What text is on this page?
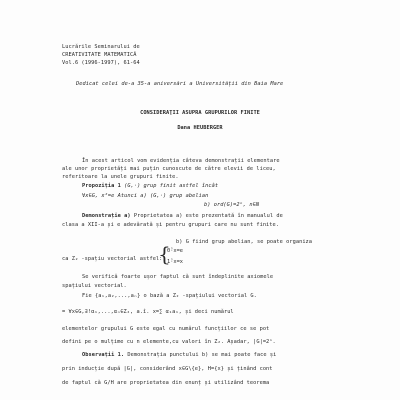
Lucrările Seminarului de
CREATIVITATE MATEMATICĂ
Vol.6 (1996-1997), 61-64
Dedicat celei de-a 35-a aniversări a Universității din Baia Mare
CONSIDERAŢII ASUPRA GRUPURILOR FINITE
Dana HEUBERGER
În acest articol vom evidenția câteva demonstrații elementare
ale unor proprietăți mai puțin cunoscute de către elevii de liceu,
referitoare la unele grupuri finite.
Propoziția 1 (G,·) grup finit astfel încât
∀x∈G, x²=e Atunci a) (G,·) grup abelian
b) ord(G)=2ⁿ, n∈N
Demonstrație a) Proprietatea a) este prezentată în manualul de
clasa a XII-a și e adevărată și pentru grupuri care nu sunt finite.
b) G fiind grup abelian, se poate organiza
ca Z₂ -spațiu vectorial astfel:
{
0̂·x=e
1̂·x=x
Se verifică foarte ușor faptul că sunt îndeplinite axiomele
spațiului vectorial.
Fie {a₁,a₂,...,aₙ} o bază a Z₂ -spațiului vectorial G.
= ∀x∈G,∃!α₁,...,αₙ∈Z₂, a.î. x=∑ α₁a₁, și deci numărul
elementelor grupului G este egal cu numărul funcțiilor ce se pot
defini pe o mulțime cu n elemente,cu valori în Z₂. Așadar, |G|=2ⁿ.
Observații 1. Demonstrația punctului b) se mai poate face și
prin inducție după |G|, considerând x∈G\{e}, H={x} și ținând cont
de faptul că G/H are proprietatea din enunț și utilizând teorema
